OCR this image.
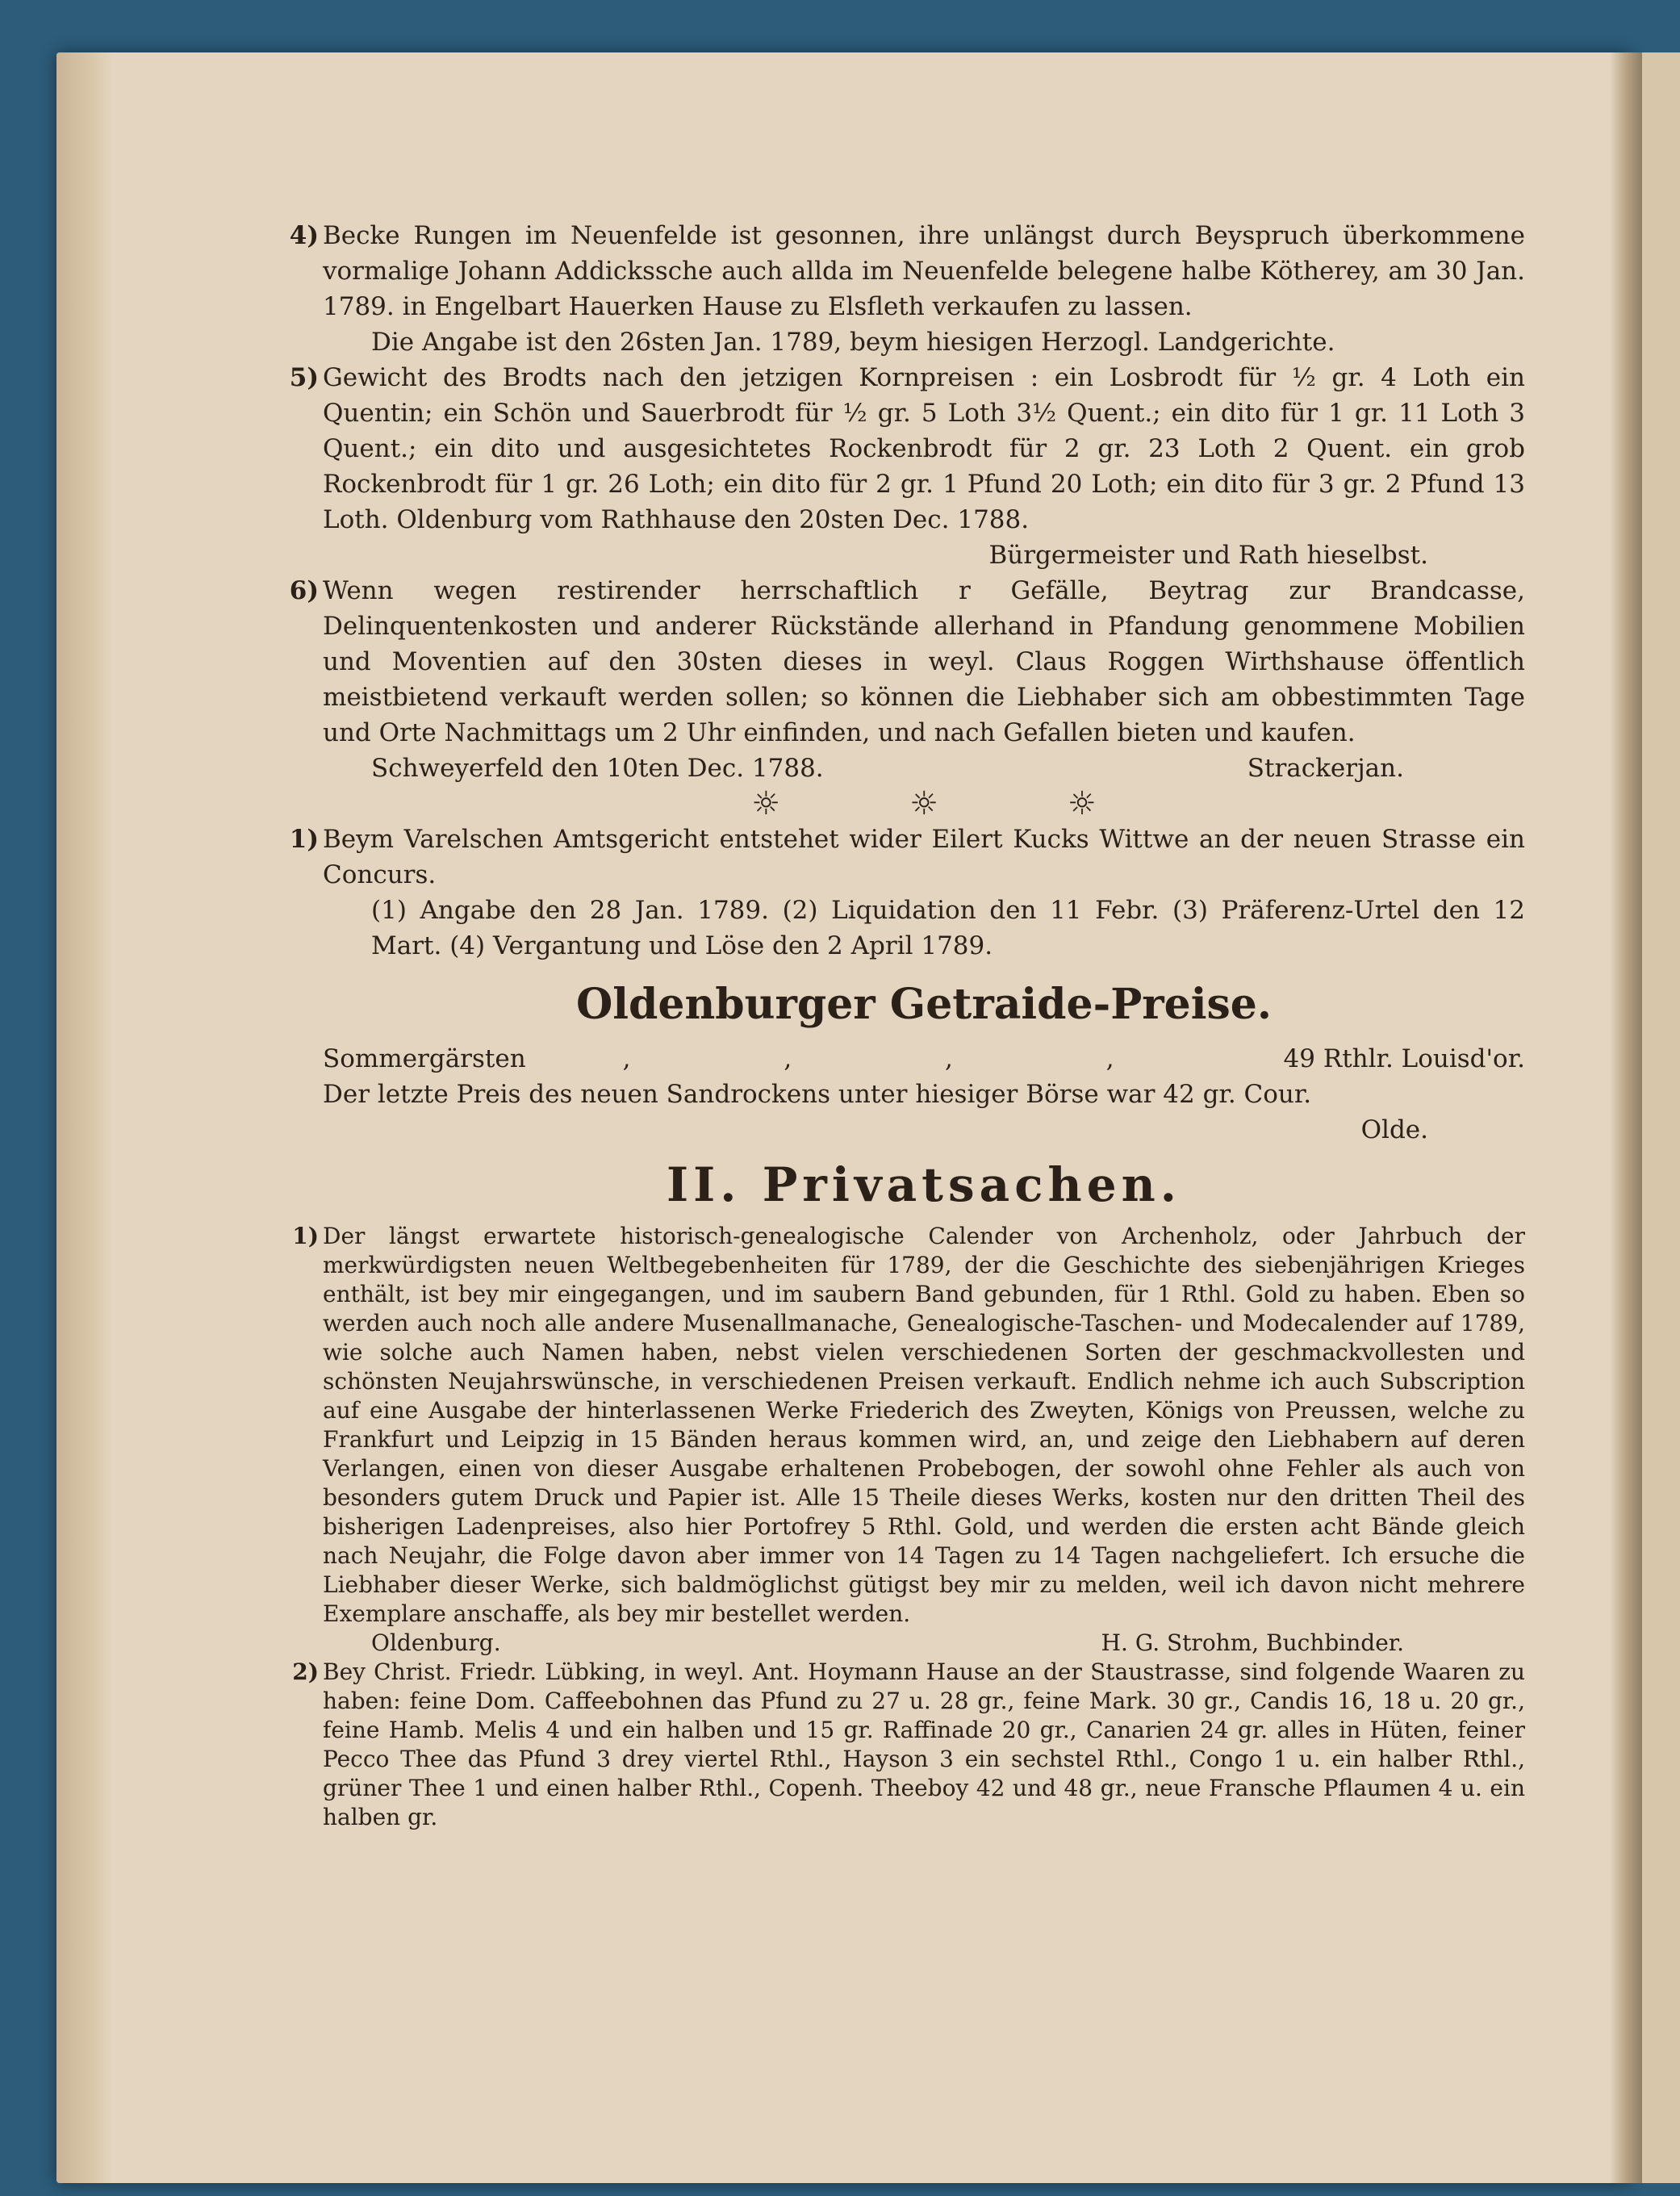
4) Becke Rungen im Neuenfelde ist gesonnen, ihre unlängst durch Beyspruch überkommene vormalige Johann Addickssche auch allda im Neuenfelde belegene halbe Kötherey, am 30 Jan. 1789. in Engelbart Hauerken Hause zu Elsfleth verkaufen zu lassen.

Die Angabe ist den 26sten Jan. 1789, beym hiesigen Herzogl. Landgerichte.

5) Gewicht des Brodts nach den jetzigen Kornpreisen : ein Losbrodt für ½ gr. 4 Loth ein Quentin; ein Schön und Sauerbrodt für ½ gr. 5 Loth 3½ Quent.; ein dito für 1 gr. 11 Loth 3 Quent.; ein dito und ausgesichtetes Rockenbrodt für 2 gr. 23 Loth 2 Quent. ein grob Rockenbrodt für 1 gr. 26 Loth; ein dito für 2 gr. 1 Pfund 20 Loth; ein dito für 3 gr. 2 Pfund 13 Loth. Oldenburg vom Rathhause den 20sten Dec. 1788.

Bürgermeister und Rath hieselbst.

6) Wenn wegen restirender herrschaftlich r Gefälle, Beytrag zur Brandcasse, Delinquentenkosten und anderer Rückstände allerhand in Pfandung genommene Mobilien und Moventien auf den 30sten dieses in weyl. Claus Roggen Wirthshause öffentlich meistbietend verkauft werden sollen; so können die Liebhaber sich am obbestimmten Tage und Orte Nachmittags um 2 Uhr einfinden, und nach Gefallen bieten und kaufen.

Schweyerfeld den 10ten Dec. 1788.	Strackerjan.
☼☼☼
1) Beym Varelschen Amtsgericht entstehet wider Eilert Kucks Wittwe an der neuen Strasse ein Concurs.

(1) Angabe den 28 Jan. 1789. (2) Liquidation den 11 Febr. (3) Präferenz-Urtel den 12 Mart. (4) Vergantung und Löse den 2 April 1789.

Oldenburger Getraide-Preise.
Sommergärsten	, , , ,	49 Rthlr. Louisd'or.

Der letzte Preis des neuen Sandrockens unter hiesiger Börse war 42 gr. Cour.

Olde.

II. Privatsachen.
1) Der längst erwartete historisch-genealogische Calender von Archenholz, oder Jahrbuch der merkwürdigsten neuen Weltbegebenheiten für 1789, der die Geschichte des siebenjährigen Krieges enthält, ist bey mir eingegangen, und im saubern Band gebunden, für 1 Rthl. Gold zu haben. Eben so werden auch noch alle andere Musenallmanache, Genealogische-Taschen- und Modecalender auf 1789, wie solche auch Namen haben, nebst vielen verschiedenen Sorten der geschmackvollesten und schönsten Neujahrswünsche, in verschiedenen Preisen verkauft. Endlich nehme ich auch Subscription auf eine Ausgabe der hinterlassenen Werke Friederich des Zweyten, Königs von Preussen, welche zu Frankfurt und Leipzig in 15 Bänden heraus kommen wird, an, und zeige den Liebhabern auf deren Verlangen, einen von dieser Ausgabe erhaltenen Probebogen, der sowohl ohne Fehler als auch von besonders gutem Druck und Papier ist. Alle 15 Theile dieses Werks, kosten nur den dritten Theil des bisherigen Ladenpreises, also hier Portofrey 5 Rthl. Gold, und werden die ersten acht Bände gleich nach Neujahr, die Folge davon aber immer von 14 Tagen zu 14 Tagen nachgeliefert. Ich ersuche die Liebhaber dieser Werke, sich baldmöglichst gütigst bey mir zu melden, weil ich davon nicht mehrere Exemplare anschaffe, als bey mir bestellet werden.

Oldenburg.	H. G. Strohm, Buchbinder.
2) Bey Christ. Friedr. Lübking, in weyl. Ant. Hoymann Hause an der Staustrasse, sind folgende Waaren zu haben: feine Dom. Caffeebohnen das Pfund zu 27 u. 28 gr., feine Mark. 30 gr., Candis 16, 18 u. 20 gr., feine Hamb. Melis 4 und ein halben und 15 gr. Raffinade 20 gr., Canarien 24 gr. alles in Hüten, feiner Pecco Thee das Pfund 3 drey viertel Rthl., Hayson 3 ein sechstel Rthl., Congo 1 u. ein halber Rthl., grüner Thee 1 und einen halber Rthl., Copenh. Theeboy 42 und 48 gr., neue Fransche Pflaumen 4 u. ein halben gr.
